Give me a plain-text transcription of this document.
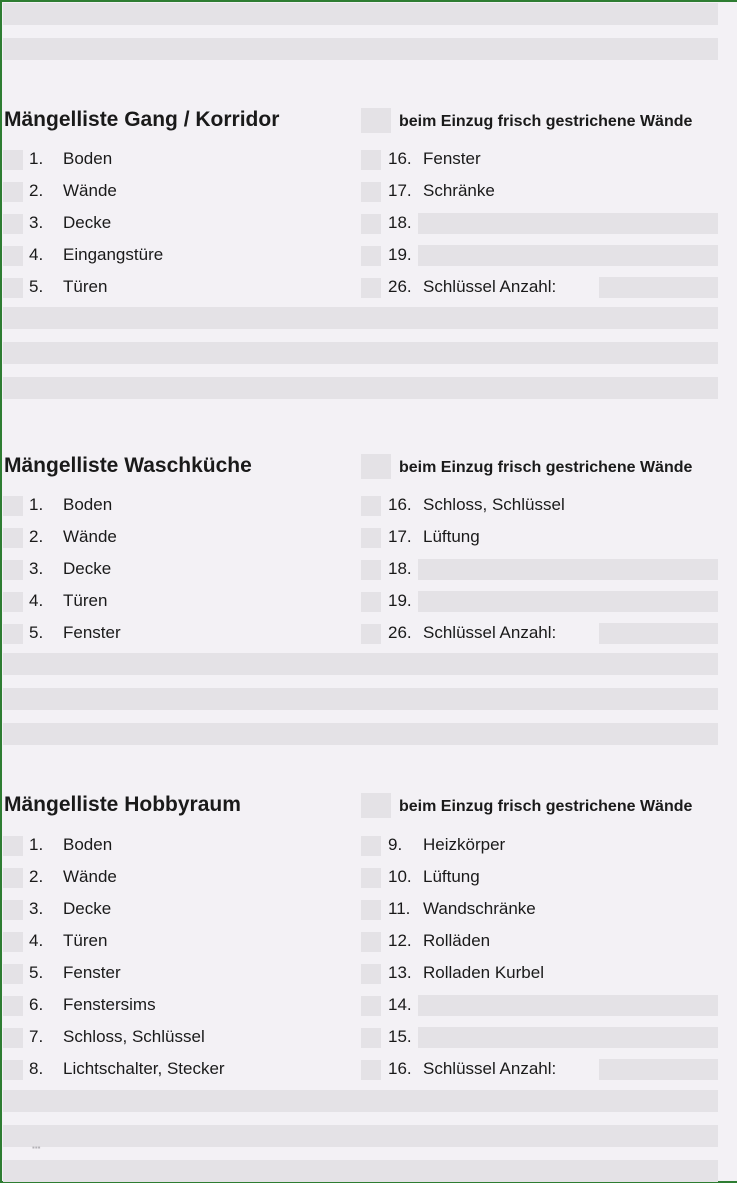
Mängelliste Gang / Korridor	beim Einzug frisch gestrichene Wände
1. Boden
2. Wände
3. Decke
4. Eingangstüre
5. Türen
16. Fenster
17. Schränke
18.
19.
26. Schlüssel Anzahl:
Mängelliste Waschküche	beim Einzug frisch gestrichene Wände
1. Boden
2. Wände
3. Decke
4. Türen
5. Fenster
16. Schloss, Schlüssel
17. Lüftung
18.
19.
26. Schlüssel Anzahl:
Mängelliste Hobbyraum	beim Einzug frisch gestrichene Wände
1. Boden
2. Wände
3. Decke
4. Türen
5. Fenster
6. Fenstersims
7. Schloss, Schlüssel
8. Lichtschalter, Stecker
9. Heizkörper
10. Lüftung
11. Wandschränke
12. Rolläden
13. Rolladen Kurbel
14.
15.
16. Schlüssel Anzahl:
▪▪▪
